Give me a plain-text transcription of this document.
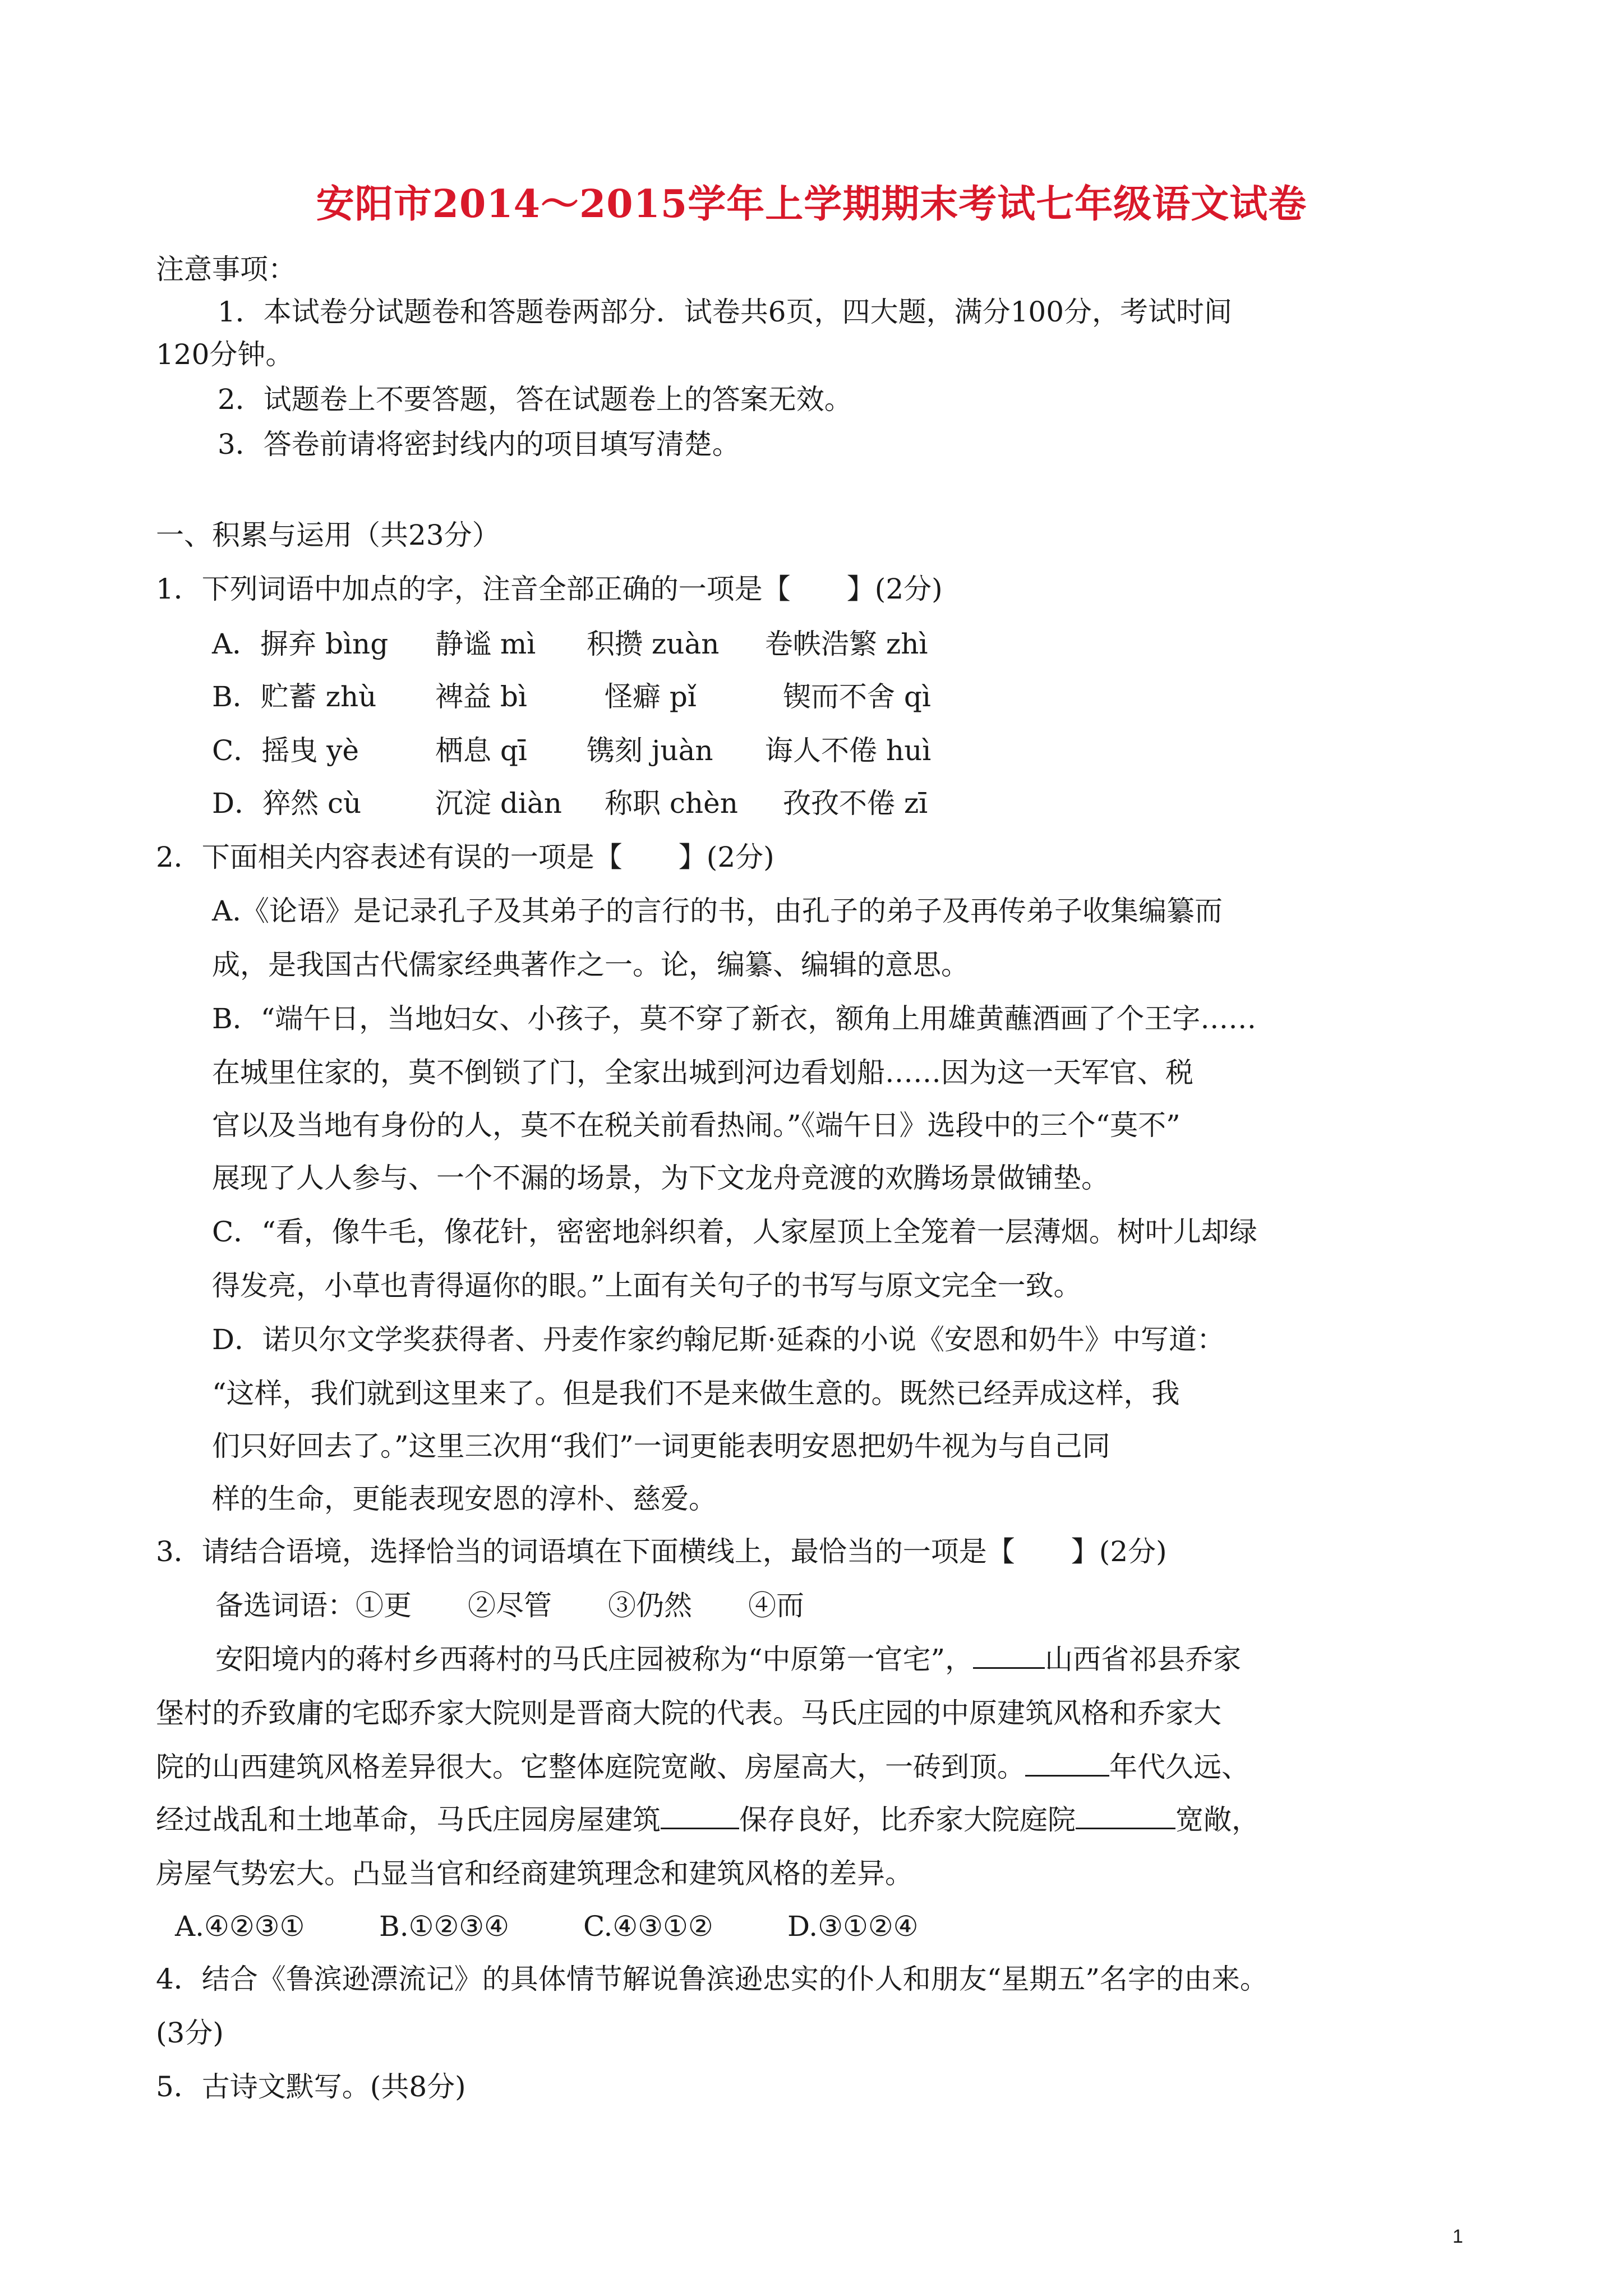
安阳市2014～2015学年上学期期末考试七年级语文试卷
注意事项：
1．本试卷分试题卷和答题卷两部分．试卷共6页，四大题，满分100分，考试时间
120分钟。
2．试题卷上不要答题，答在试题卷上的答案无效。
3．答卷前请将密封线内的项目填写清楚。
一、积累与运用（共23分）
1．下列词语中加点的字，注音全部正确的一项是【　　】(2分)
A．摒弃 bìng 静谧 mì 积攒 zuàn 卷帙浩繁 zhì
B．贮蓄 zhù 裨益 bì	怪癖 pǐ	锲而不舍 qì
C．摇曳 yè	栖息 qī 镌刻 juàn 诲人不倦 huì
D．猝然 cù	沉淀 diàn 称职 chèn 孜孜不倦 zī
2．下面相关内容表述有误的一项是【　　】(2分)
A.《论语》是记录孔子及其弟子的言行的书，由孔子的弟子及再传弟子收集编纂而
成，是我国古代儒家经典著作之一。论，编纂、编辑的意思。
B．“端午日，当地妇女、小孩子，莫不穿了新衣，额角上用雄黄蘸酒画了个王字……
在城里住家的，莫不倒锁了门，全家出城到河边看划船……因为这一天军官、税
官以及当地有身份的人，莫不在税关前看热闹。”《端午日》选段中的三个“莫不”
展现了人人参与、一个不漏的场景，为下文龙舟竞渡的欢腾场景做铺垫。
C．“看，像牛毛，像花针，密密地斜织着，人家屋顶上全笼着一层薄烟。树叶儿却绿
得发亮，小草也青得逼你的眼。”上面有关句子的书写与原文完全一致。
D．诺贝尔文学奖获得者、丹麦作家约翰尼斯·延森的小说《安恩和奶牛》中写道：
“这样，我们就到这里来了。但是我们不是来做生意的。既然已经弄成这样，我
们只好回去了。”这里三次用“我们”一词更能表明安恩把奶牛视为与自己同
样的生命，更能表现安恩的淳朴、慈爱。
3．请结合语境，选择恰当的词语填在下面横线上，最恰当的一项是【　　】(2分)
备选词语：①更　　②尽管　　③仍然　　④而
安阳境内的蒋村乡西蒋村的马氏庄园被称为“中原第一官宅”，	山西省祁县乔家
堡村的乔致庸的宅邸乔家大院则是晋商大院的代表。马氏庄园的中原建筑风格和乔家大
院的山西建筑风格差异很大。它整体庭院宽敞、房屋高大，一砖到顶。	年代久远、
经过战乱和土地革命，马氏庄园房屋建筑	保存良好，比乔家大院庭院	宽敞，
房屋气势宏大。凸显当官和经商建筑理念和建筑风格的差异。
A.④②③①	B.①②③④	C.④③①②	D.③①②④
4．结合《鲁滨逊漂流记》的具体情节解说鲁滨逊忠实的仆人和朋友“星期五”名字的由来。
(3分)
5．古诗文默写。(共8分)
1
